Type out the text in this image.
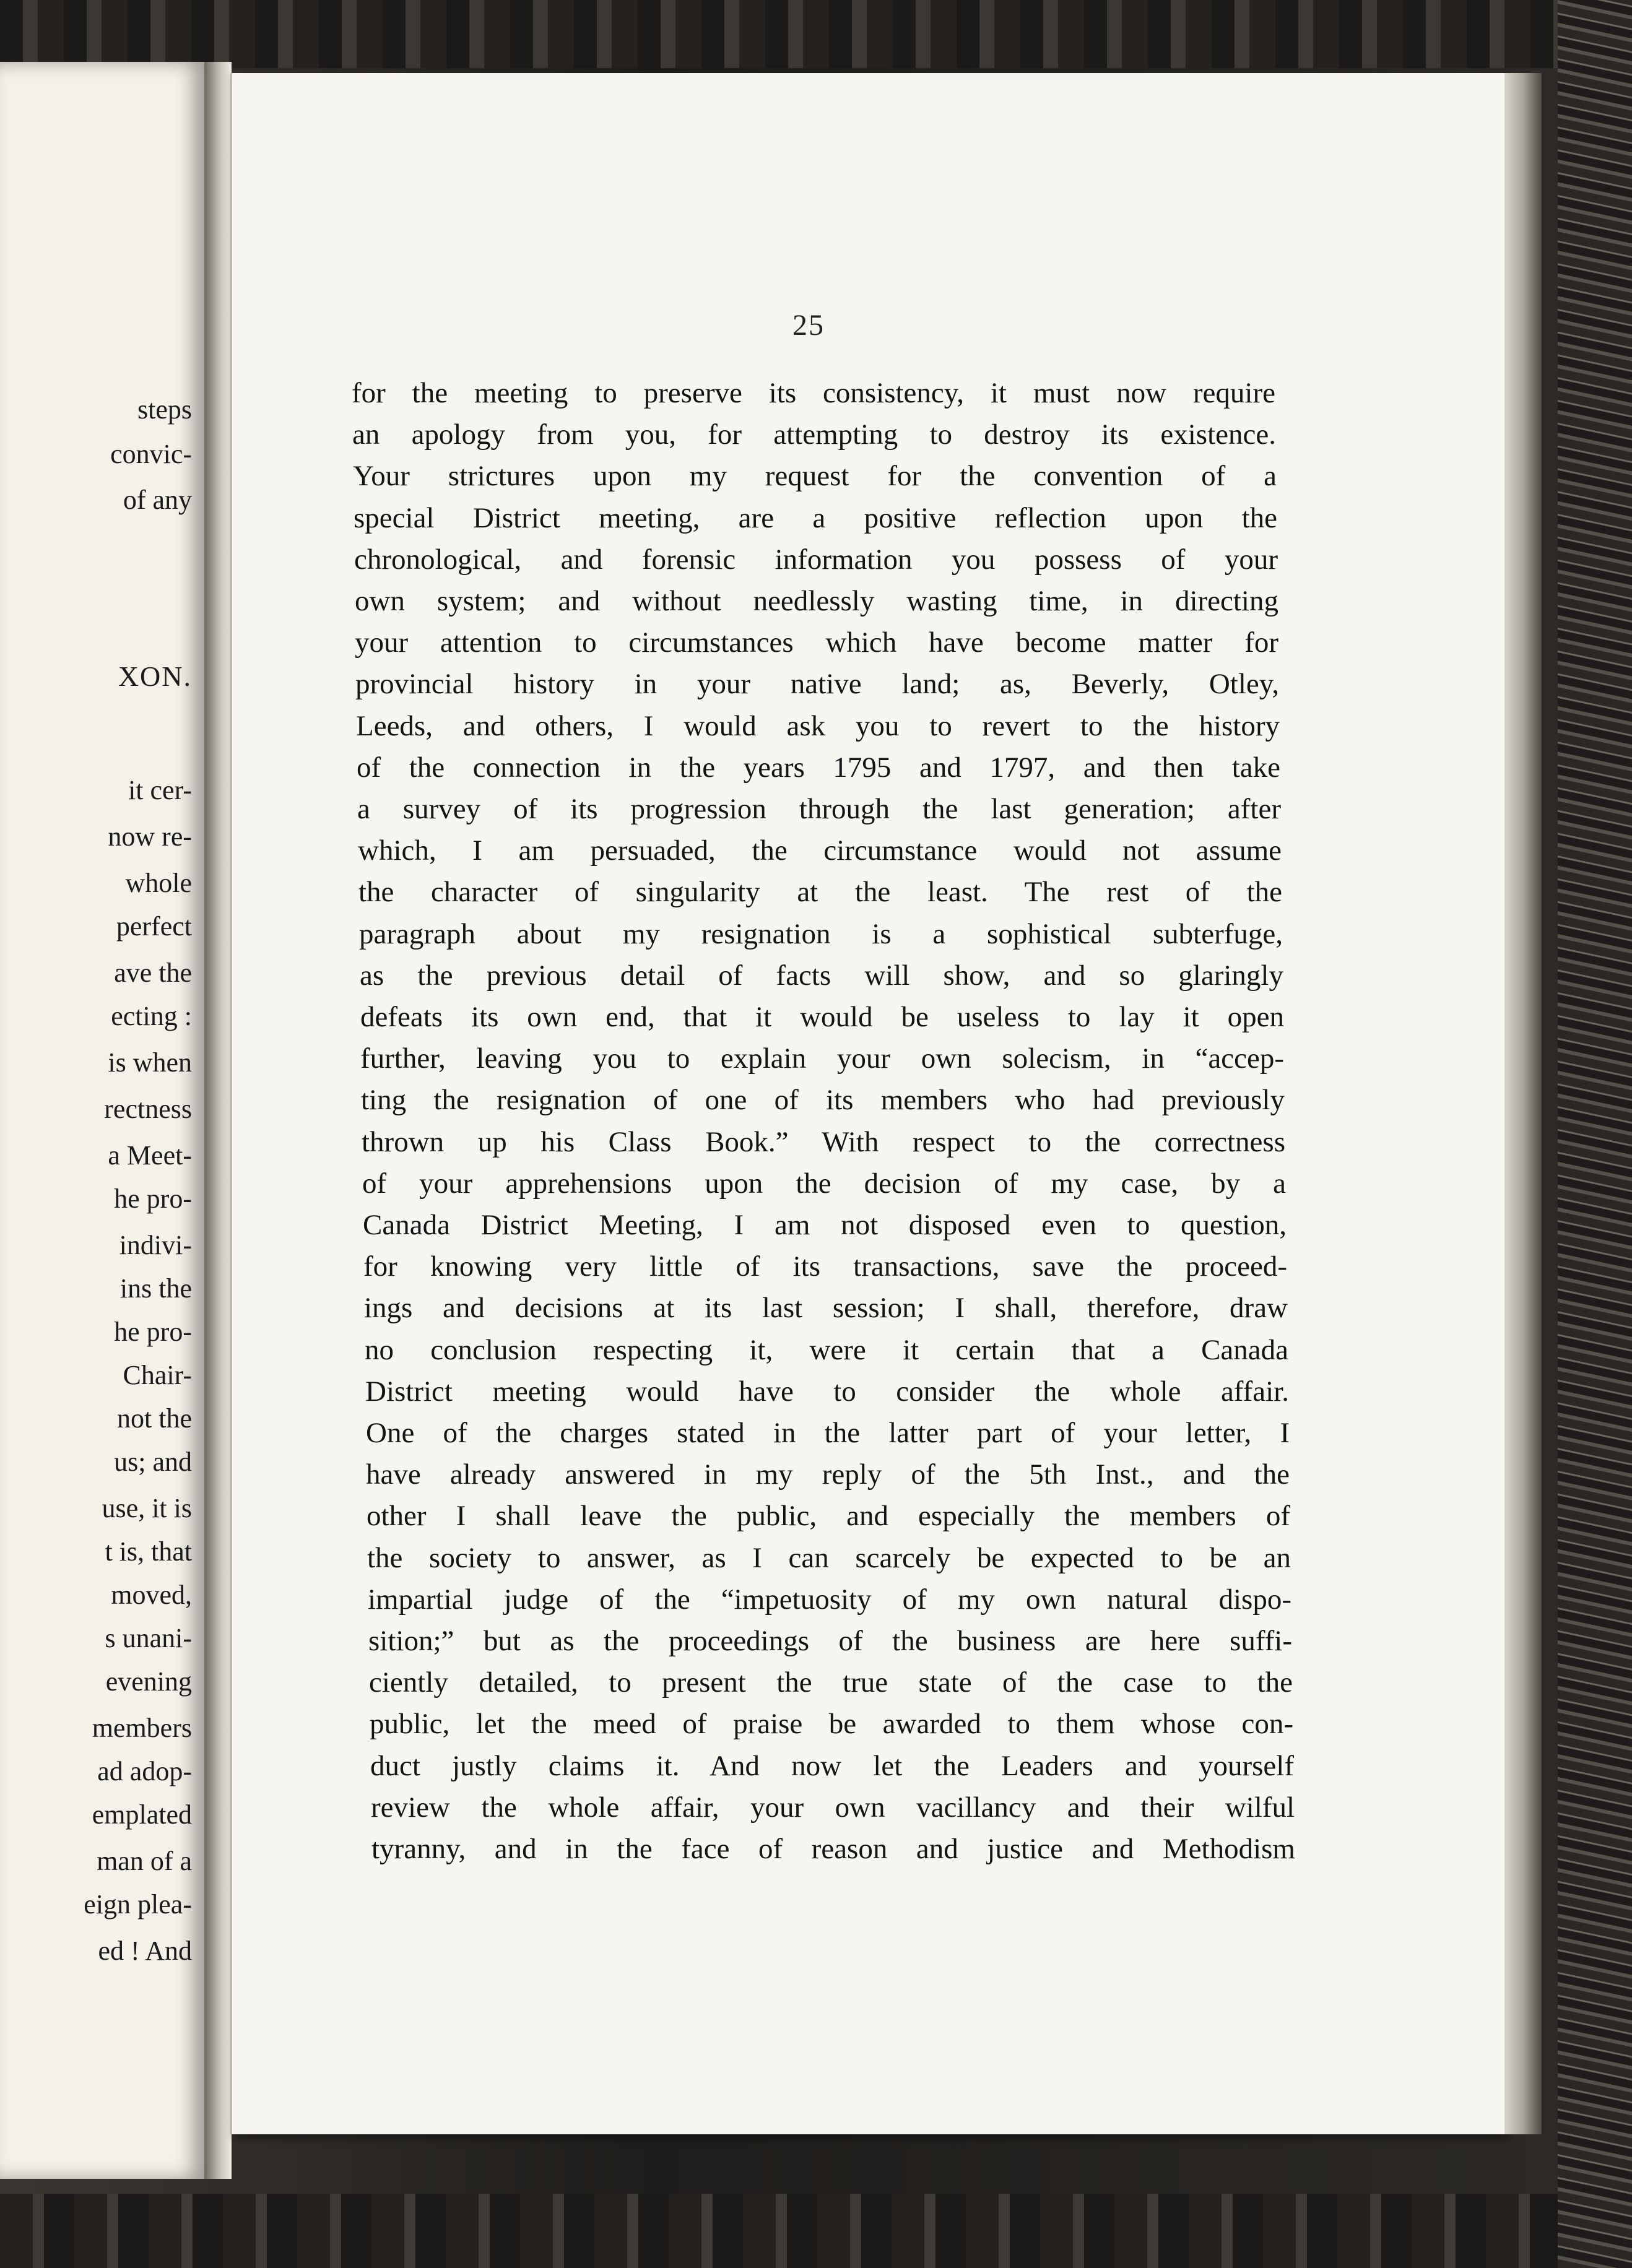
steps
convic-
of any
XON.
it cer-
now re-
whole
perfect
ave the
ecting :
is when
rectness
a Meet-
he pro-
indivi-
ins the
he pro-
Chair-
not the
us; and
use, it is
t is, that
moved,
s unani-
evening
members
ad adop-
emplated
man of a
eign plea-
ed ! And
25
for the meeting to preserve its consistency, it must now require
an apology from you, for attempting to destroy its existence.
Your strictures upon my request for the convention of a
special District meeting, are a positive reflection upon the
chronological, and forensic information you possess of your
own system; and without needlessly wasting time, in directing
your attention to circumstances which have become matter for
provincial history in your native land; as, Beverly, Otley,
Leeds, and others, I would ask you to revert to the history
of the connection in the years 1795 and 1797, and then take
a survey of its progression through the last generation; after
which, I am persuaded, the circumstance would not assume
the character of singularity at the least. The rest of the
paragraph about my resignation is a sophistical subterfuge,
as the previous detail of facts will show, and so glaringly
defeats its own end, that it would be useless to lay it open
further, leaving you to explain your own solecism, in “accep-
ting the resignation of one of its members who had previously
thrown up his Class Book.” With respect to the correctness
of your apprehensions upon the decision of my case, by a
Canada District Meeting, I am not disposed even to question,
for knowing very little of its transactions, save the proceed-
ings and decisions at its last session; I shall, therefore, draw
no conclusion respecting it, were it certain that a Canada
District meeting would have to consider the whole affair.
One of the charges stated in the latter part of your letter, I
have already answered in my reply of the 5th Inst., and the
other I shall leave the public, and especially the members of
the society to answer, as I can scarcely be expected to be an
impartial judge of the “impetuosity of my own natural dispo-
sition;” but as the proceedings of the business are here suffi-
ciently detailed, to present the true state of the case to the
public, let the meed of praise be awarded to them whose con-
duct justly claims it. And now let the Leaders and yourself
review the whole affair, your own vacillancy and their wilful
tyranny, and in the face of reason and justice and Methodism
